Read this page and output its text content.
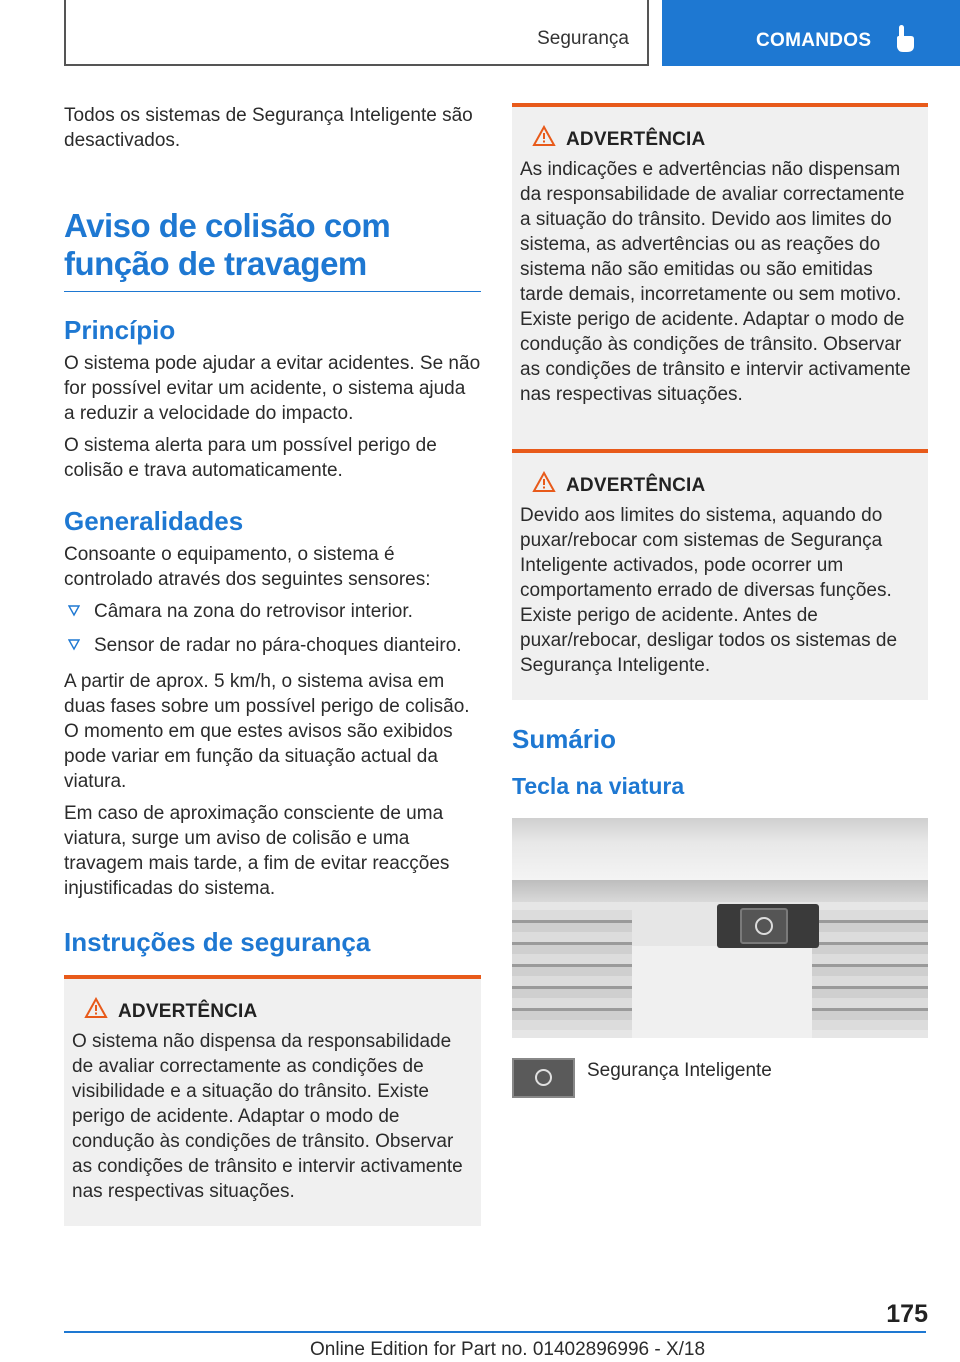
Segurança	COMANDOS

Todos os sistemas de Segurança Inteligente são desactivados.

Aviso de colisão com função de travagem
Princípio

O sistema pode ajudar a evitar acidentes. Se não for possível evitar um acidente, o sistema ajuda a reduzir a velocidade do impacto.

O sistema alerta para um possível perigo de colisão e trava automaticamente.

Generalidades

Consoante o equipamento, o sistema é controlado através dos seguintes sensores:

Câmara na zona do retrovisor interior.
Sensor de radar no pára-choques dianteiro.

A partir de aprox. 5 km/h, o sistema avisa em duas fases sobre um possível perigo de colisão. O momento em que estes avisos são exibidos pode variar em função da situação actual da viatura.

Em caso de aproximação consciente de uma viatura, surge um aviso de colisão e uma travagem mais tarde, a fim de evitar reacções injustificadas do sistema.

Instruções de segurança
ADVERTÊNCIA

O sistema não dispensa da responsabilidade de avaliar correctamente as condições de visibilidade e a situação do trânsito. Existe perigo de acidente. Adaptar o modo de condução às condições de trânsito. Observar as condições de trânsito e intervir activamente nas respectivas situações.

ADVERTÊNCIA

As indicações e advertências não dispensam da responsabilidade de avaliar correctamente a situação do trânsito. Devido aos limites do sistema, as advertências ou as reações do sistema não são emitidas ou são emitidas tarde demais, incorretamente ou sem motivo. Existe perigo de acidente. Adaptar o modo de condução às condições de trânsito. Observar as condições de trânsito e intervir activamente nas respectivas situações.

ADVERTÊNCIA

Devido aos limites do sistema, aquando do puxar/rebocar com sistemas de Segurança Inteligente activados, pode ocorrer um comportamento errado de diversas funções. Existe perigo de acidente. Antes de puxar/rebocar, desligar todos os sistemas de Segurança Inteligente.

Sumário
Tecla na viatura
Segurança Inteligente
175
Online Edition for Part no. 01402896996 - X/18
